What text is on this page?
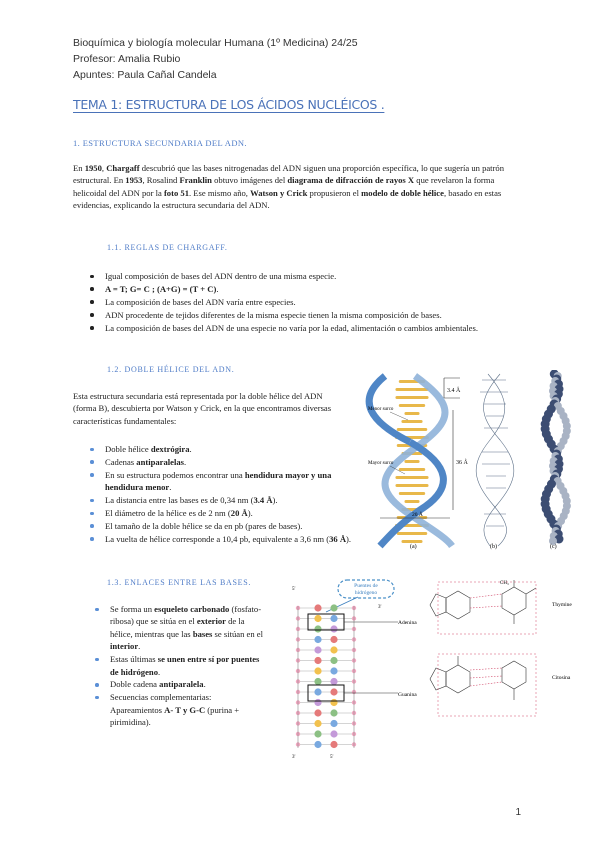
Bioquímica y biología molecular Humana (1º Medicina) 24/25
Profesor: Amalia Rubio
Apuntes: Paula Cañal Candela
TEMA 1: ESTRUCTURA DE LOS ÁCIDOS NUCLÉICOS .
1. ESTRUCTURA SECUNDARIA DEL ADN.
En 1950, Chargaff descubrió que las bases nitrogenadas del ADN siguen una proporción específica, lo que sugería un patrón estructural. En 1953, Rosalind Franklin obtuvo imágenes del diagrama de difracción de rayos X que revelaron la forma helicoidal del ADN por la foto 51. Ese mismo año, Watson y Crick propusieron el modelo de doble hélice, basado en estas evidencias, explicando la estructura secundaria del ADN.
1.1. REGLAS DE CHARGAFF.
Igual composición de bases del ADN dentro de una misma especie.
A = T; G= C ; (A+G) = (T + C).
La composición de bases del ADN varía entre especies.
ADN procedente de tejidos diferentes de la misma especie tienen la misma composición de bases.
La composición de bases del ADN de una especie no varía por la edad, alimentación o cambios ambientales.
1.2. DOBLE HÉLICE DEL ADN.
Esta estructura secundaria está representada por la doble hélice del ADN (forma B), descubierta por Watson y Crick, en la que encontramos diversas características fundamentales:
Doble hélice dextrógira.
Cadenas antiparalelas.
En su estructura podemos encontrar una hendidura mayor y una hendidura menor.
La distancia entre las bases es de 0,34 nm (3.4 Å).
El diámetro de la hélice es de 2 nm (20 Å).
El tamaño de la doble hélice se da en pb (pares de bases).
La vuelta de hélice corresponde a 10,4 pb, equivalente a 3,6 nm (36 Å).
3.4 Å
36 Å
20 Å
Menor surco
Mayor surco
(a)	(b)	(c)
1.3. ENLACES ENTRE LAS BASES.
Se forma un esqueleto carbonado (fosfato-ribosa) que se sitúa en el exterior de la hélice, mientras que las bases se sitúan en el interior.
Estas últimas se unen entre sí por puentes de hidrógeno.
Doble cadena antiparalela.
Secuencias complementarias: Apareamientos A- T y G-C (purina + pirimidina).
Puentes de
hidrógeno
5'
3'
3'	5'
Adenina
Guanina
Thymine
Citosina
CH₃
1
